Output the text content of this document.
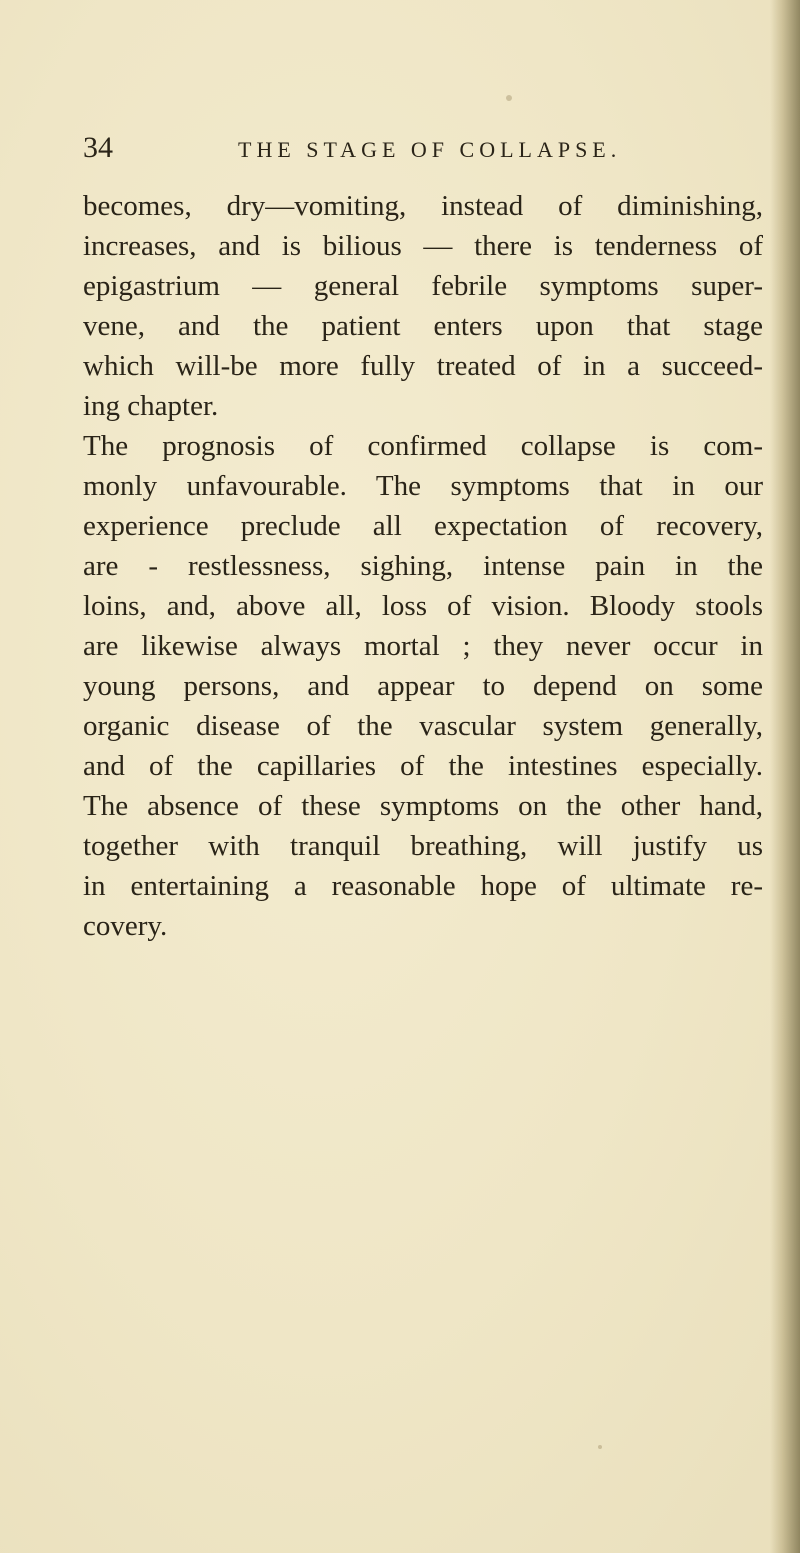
34	THE STAGE OF COLLAPSE.
becomes, dry—vomiting, instead of diminishing,
increases, and is bilious — there is tenderness of
epigastrium — general febrile symptoms super-
vene, and the patient enters upon that stage
which will-be more fully treated of in a succeed-
ing chapter.
The prognosis of confirmed collapse is com-
monly unfavourable. The symptoms that in our
experience preclude all expectation of recovery,
are - restlessness, sighing, intense pain in the
loins, and, above all, loss of vision. Bloody stools
are likewise always mortal ; they never occur in
young persons, and appear to depend on some
organic disease of the vascular system generally,
and of the capillaries of the intestines especially.
The absence of these symptoms on the other hand,
together with tranquil breathing, will justify us
in entertaining a reasonable hope of ultimate re-
covery.
